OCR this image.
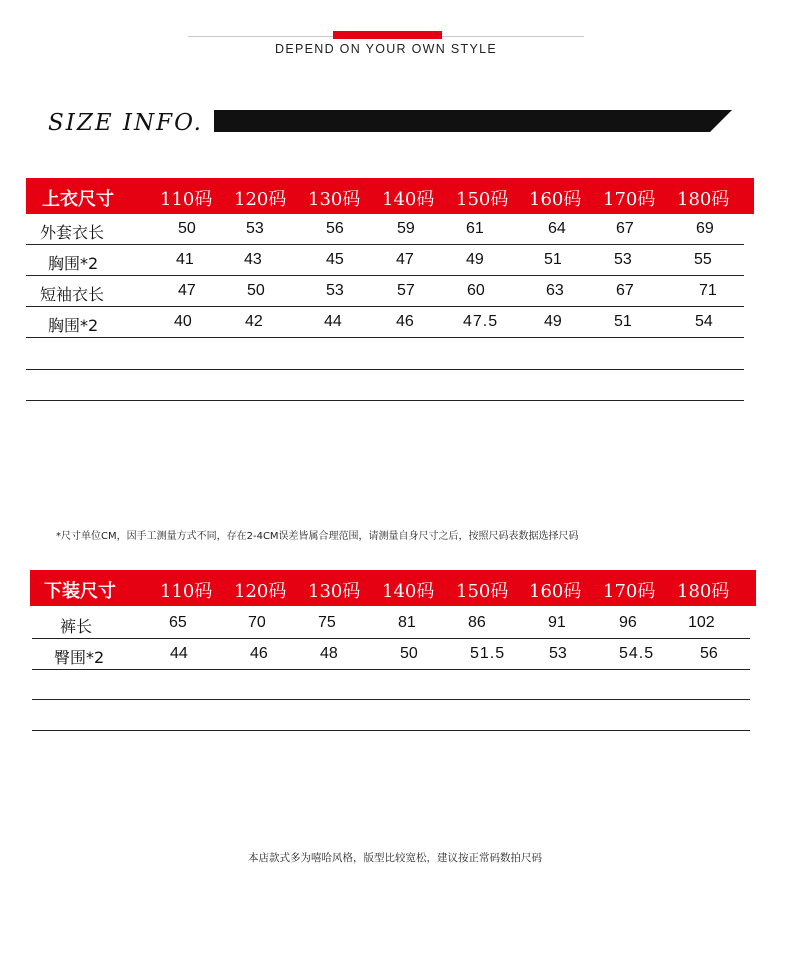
DEPEND ON YOUR OWN STYLE
SIZE INFO.
上衣尺寸	110码 120码 130码 140码 150码 160码 170码 180码
外套衣长	50	53	56	59	61	64	67	69
胸围*2	41	43	45	47	49	51	53	55
短袖衣长	47	50	53	57	60	63	67	71
胸围*2	40	42	44	46	47.5	49	51	54
*尺寸单位CM，因手工测量方式不同，存在2-4CM误差皆属合理范围，请测量自身尺寸之后，按照尺码表数据选择尺码
下装尺寸 110码 120码 130码 140码 150码 160码 170码 180码
裤长	65	70	75	81	86	91	96	102
臀围*2	44	46	48	50	51.5	53	54.5	56
本店款式多为嘻哈风格，版型比较宽松，建议按正常码数拍尺码
